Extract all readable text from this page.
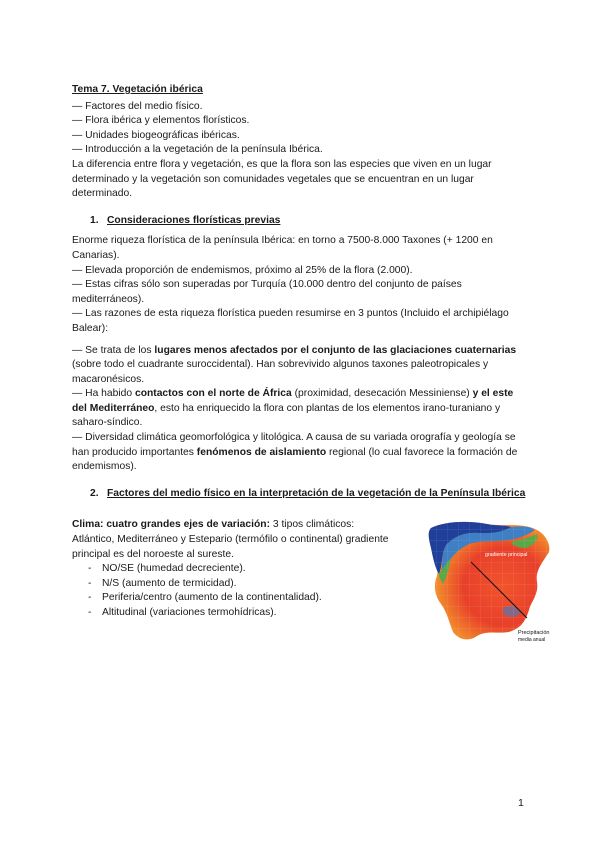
Tema 7. Vegetación ibérica

— Factores del medio físico.

— Flora ibérica y elementos florísticos.

— Unidades biogeográficas ibéricas.

— Introducción a la vegetación de la península Ibérica.

La diferencia entre flora y vegetación, es que la flora son las especies que viven en un lugar determinado y la vegetación son comunidades vegetales que se encuentran en un lugar determinado.

1. Consideraciones florísticas previas

Enorme riqueza florística de la península Ibérica: en torno a 7500-8.000 Taxones (+ 1200 en Canarias).

— Elevada proporción de endemismos, próximo al 25% de la flora (2.000).

— Estas cifras sólo son superadas por Turquía (10.000 dentro del conjunto de países mediterráneos).

— Las razones de esta riqueza florística pueden resumirse en 3 puntos (Incluido el archipiélago Balear):

— Se trata de los lugares menos afectados por el conjunto de las glaciaciones cuaternarias (sobre todo el cuadrante suroccidental). Han sobrevivido algunos taxones paleotropicales y macaronésicos.

— Ha habido contactos con el norte de África (proximidad, desecación Messiniense) y el este del Mediterráneo, esto ha enriquecido la flora con plantas de los elementos irano-turaniano y saharo-síndico.

— Diversidad climática geomorfológica y litológica. A causa de su variada orografía y geología se han producido importantes fenómenos de aislamiento regional (lo cual favorece la formación de endemismos).

2. Factores del medio físico en la interpretación de la vegetación de la Península Ibérica

Clima: cuatro grandes ejes de variación: 3 tipos climáticos: Atlántico, Mediterráneo y Estepario (termófilo o continental) gradiente principal es del noroeste al sureste.

-	NO/SE (humedad decreciente).
-	N/S (aumento de termicidad).
-	Periferia/centro (aumento de la continentalidad).
-	Altitudinal (variaciones termohídricas).
gradiente principal
Precipitación
media anual
1
